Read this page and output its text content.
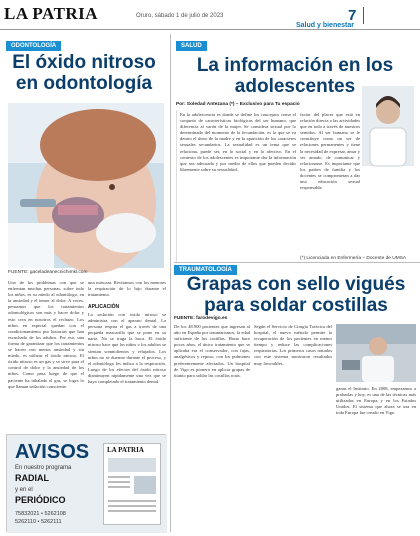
LA PATRIA	Oruro, sábado 1 de julio de 2023	7
Salud y bienestar
ODONTOLOGÍA
El óxido nitroso en odontología
FUENTE: gaceladeanecnichimkl.com
Uno de los problemas con que se enfrentan muchas personas, sobre todo los niños, es su miedo al odontólogo, en la ansiedad y el temor al dolor. A veces, pensamos que los tratamientos odontológicos son más y hacer dolor y esto crea en nosotros el rechazo. Los niños en especial quedan con el condicionamiento por historias que han escuchado de los adultos. Por eso, una forma de garantizar que los tratamientos se hacen con menos ansiedad y sin miedo, es utilizar el óxido nitroso. El óxido nitroso es un gas y se sirve para el control de dolor y la ansiedad de los niños. Como pasa luego de que el paciente ha inhalado el gas, se logra lo que llaman sedación consciente.
una máscara. Revisamos con los menores la respiración de lo hijo durante el tratamiento.
APLICACIÓN
La sedación con óxido nitroso se administra con el aparato dental. La persona respira el gas a través de una pequeña mascarilla que se pone en su nariz. No se traga la boca. El óxido nitroso hace que los niños o los adultos se sientan somnolientos y relajados. Los niños no se duerme durante el proceso, y el odontólogo les indica a la respiración. Luego de los efectos del óxido nitroso disminuyen rápidamente una vez que se haya completado el tratamiento dental.
SALUD
La información en los adolescentes
Por: Soledad Antezana (*) – Exclusivo para Tu espacio
En la adolescencia es donde se define los conceptos como el conjunto de características biológicas del ser humano, que diferencia al varón de la mujer. Se considera sexual por lo determinado del momento de la fecundación, es lo que se va dentro el útero de la madre y en la aparición de los caracteres sexuales secundarios. La sexualidad es un tema que se relaciona, puede ser, en lo social y en lo afectivo. En el contexto de los adolescentes es importante dar la información que sea adecuada y por medio de ellos que pueden decidir libremente sobre su sexualidad.
factor del placer que está en relación directa a las actividades que en todo a través de nuestros sentidos. Al ser humano se le constituye como un ser de relaciones permanentes y tiene la necesidad de expresar, amar y ser amado, de comunicar y relacionarse. Es importante que los padres de familia y los docentes se comprometan a dar una educación sexual responsable.
(*) Licenciada en Enfermería – Docente de UMSA
TRAUMATOLOGÍA
Grapas con sello vigués para soldar costillas
FUENTE: farodevigo.es
De los 48.900 pacientes que ingresan al año en España por traumatismos, la edad suficiente de los costillas. Hasta hace pocos años, el único tratamiento que se aplicaba era el conservador, con fajas, analgésicos y reposo, con los pulmones preferentemente afectados. Un hospital de Vigo es pionero en aplicar grapas de titanio para soldar las costillas rotas.
Según el Servicio de Cirugía Torácica del hospital, el nuevo método permite la recuperación de los pacientes en menor tiempo y reduce las complicaciones respiratorias. Los primeros casos tratados con este sistema mostraron resultados muy favorables.
ganas el Instituto. En 2008, empezamos a probarlas y hoy, es una de las técnicas más utilizadas en Europa y en los Estados Unidos. El sistema que ahora se usa en toda Europa fue creado en Vigo.
AVISOS
En nuestro programa
RADIAL
y en el
PERIÓDICO
75832021 • 5262108
5262110 • 5262111
LA PATRIA
